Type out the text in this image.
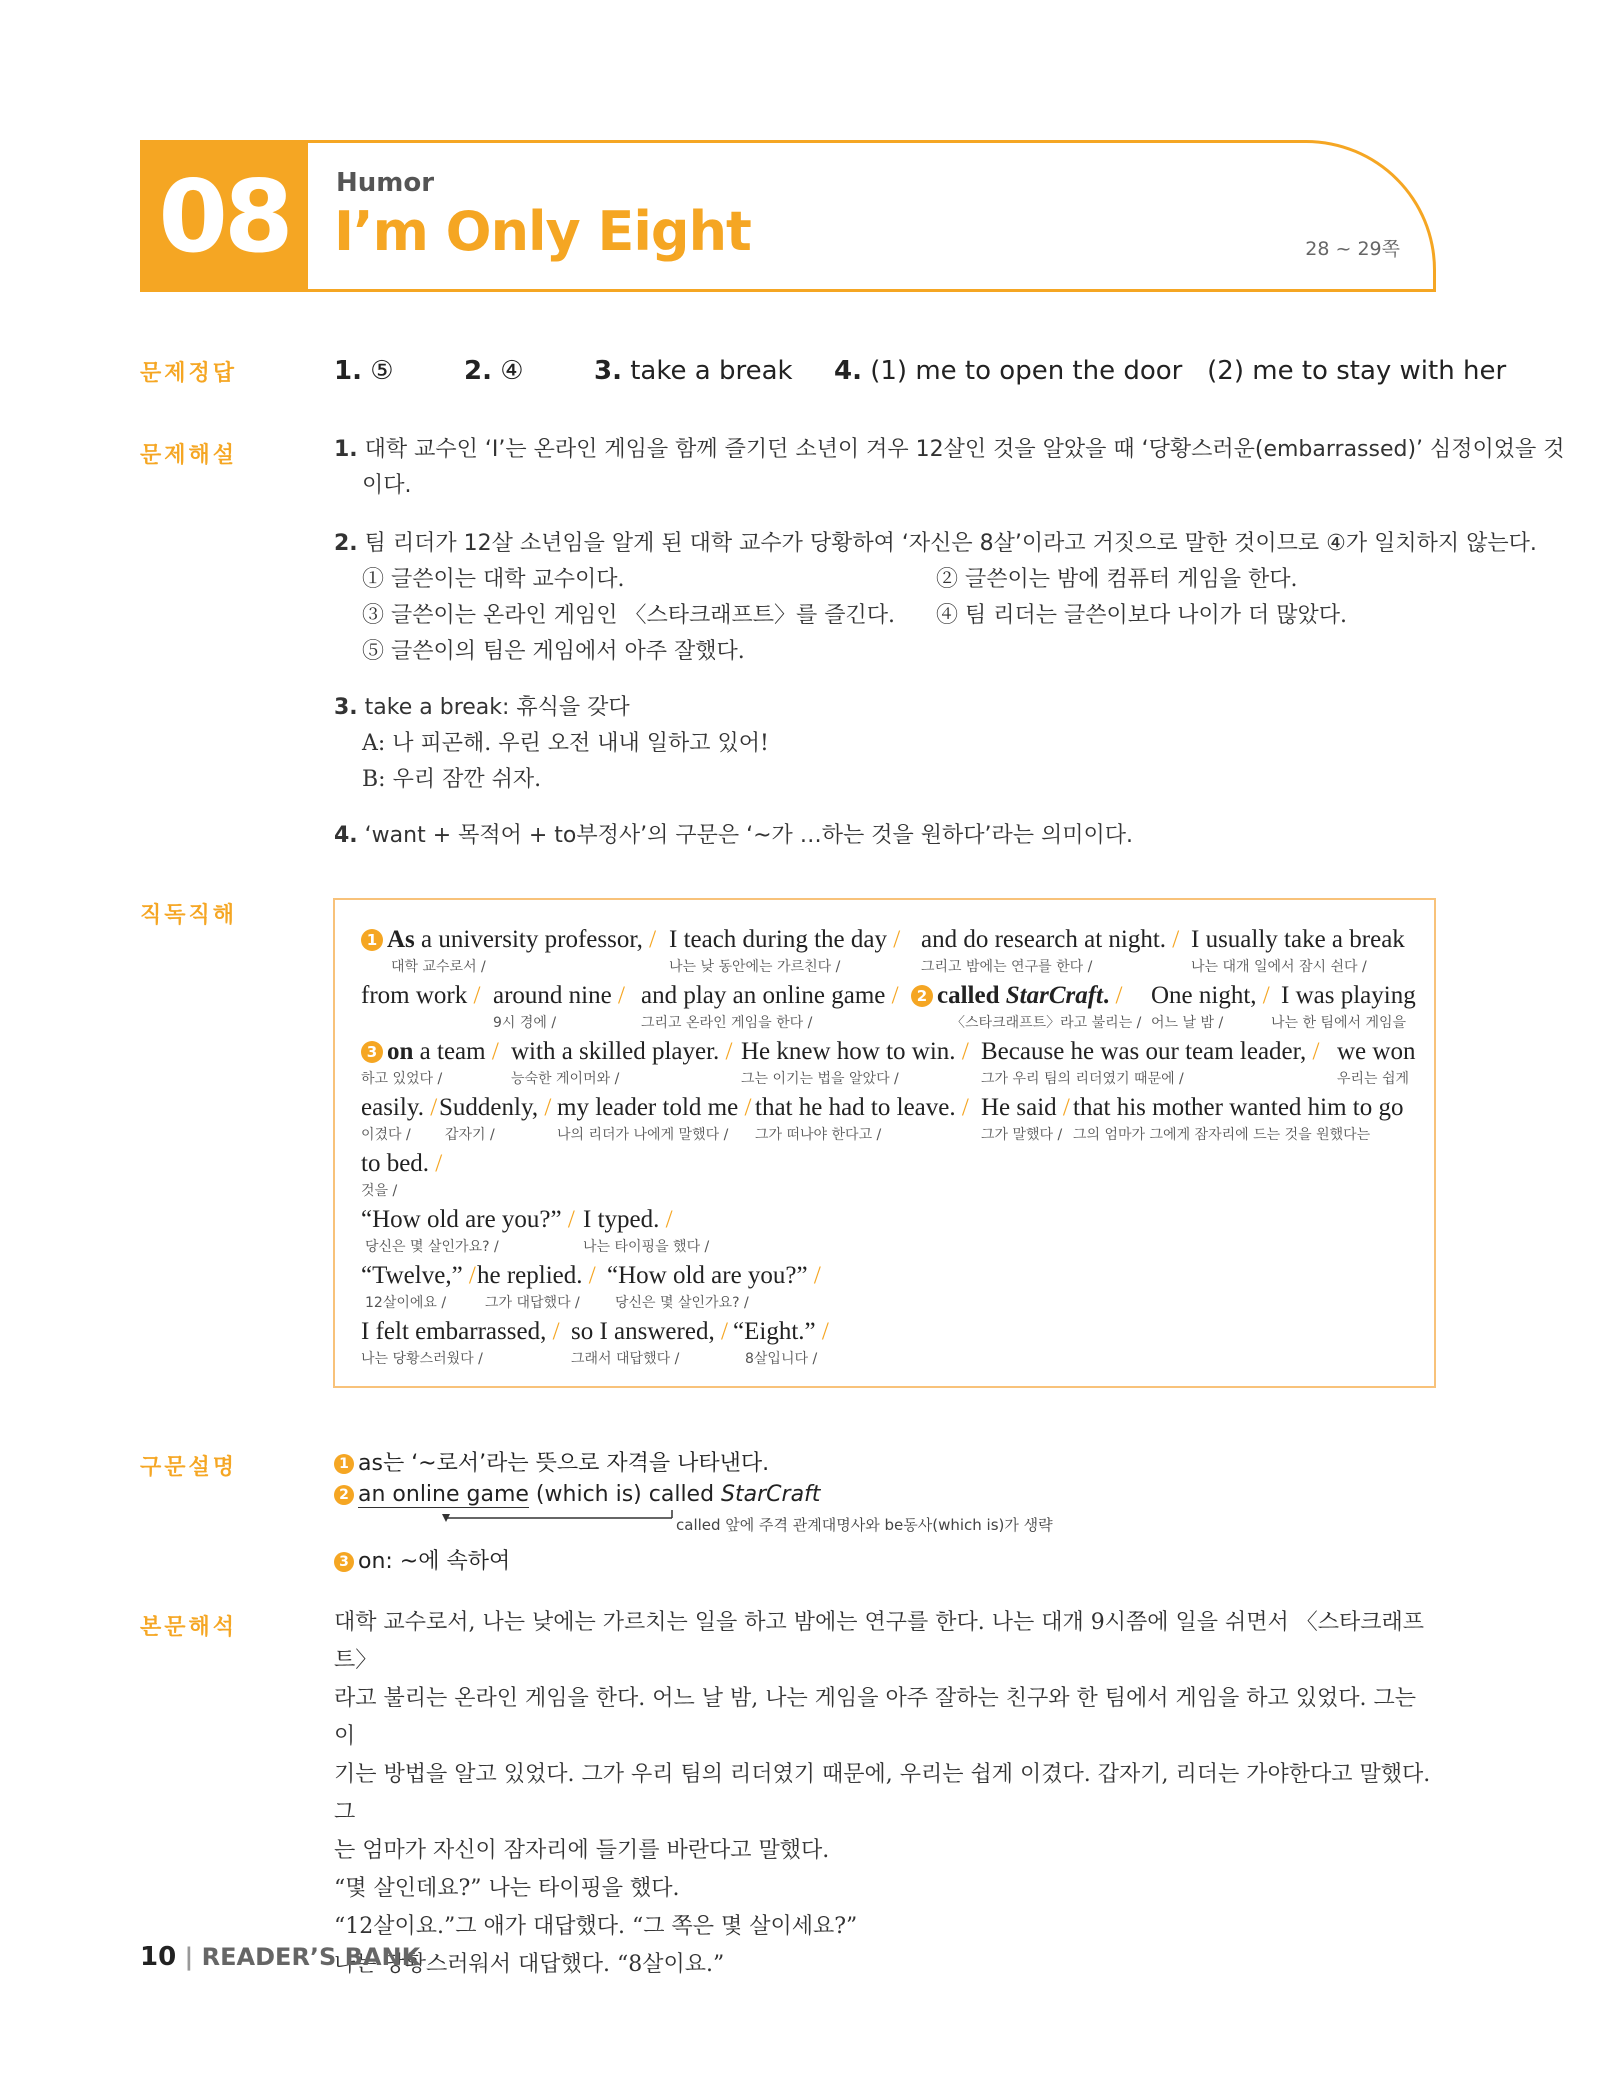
08	Humor
I’m Only Eight	28 ~ 29쪽
문제정답	1. ⑤	2. ④	3. take a break 4. (1) me to open the door   (2) me to stay with her
문제해설	1. 대학 교수인 ‘I’는 온라인 게임을 함께 즐기던 소년이 겨우 12살인 것을 알았을 때 ‘당황스러운(embarrassed)’ 심정이었을 것
이다.
2. 팀 리더가 12살 소년임을 알게 된 대학 교수가 당황하여 ‘자신은 8살’이라고 거짓으로 말한 것이므로 ④가 일치하지 않는다.
① 글쓴이는 대학 교수이다.	② 글쓴이는 밤에 컴퓨터 게임을 한다.
③ 글쓴이는 온라인 게임인 〈스타크래프트〉를 즐긴다. ④ 팀 리더는 글쓴이보다 나이가 더 많았다.
⑤ 글쓴이의 팀은 게임에서 아주 잘했다.
3. take a break: 휴식을 갖다
A: 나 피곤해. 우린 오전 내내 일하고 있어!
B: 우리 잠깐 쉬자.
4. ‘want + 목적어 + to부정사’의 구문은 ‘~가 …하는 것을 원하다’라는 의미이다.
직독직해
1 As a university professor, /
대학 교수로서 /
I teach during the day /
나는 낮 동안에는 가르친다 /
and do research at night. /
그리고 밤에는 연구를 한다 /
I usually take a break
나는 대개 일에서 잠시 쉰다 /
from work / around nine /
9시 경에 /
and play an online game /
그리고 온라인 게임을 한다 /
2 called StarCraft. /
〈스타크래프트〉라고 불리는 /
One night, /
어느 날 밤 /
I was playing
나는 한 팀에서 게임을
3 on a team /
하고 있었다 /
with a skilled player. /
능숙한 게이머와 /
He knew how to win. /
그는 이기는 법을 알았다 /
Because he was our team leader, /
그가 우리 팀의 리더였기 때문에 /
we won
우리는 쉽게
easily. /
이겼다 /
Suddenly, /
갑자기 /
my leader told me /
나의 리더가 나에게 말했다 /
that he had to leave. /
그가 떠나야 한다고 /
He said /
그가 말했다 /
that his mother wanted him to go
그의 엄마가 그에게 잠자리에 드는 것을 원했다는
to bed. /
것을 /
“How old are you?” /
당신은 몇 살인가요? /
I typed. /
나는 타이핑을 했다 /
“Twelve,” /
12살이에요 /
he replied. /
그가 대답했다 /
“How old are you?” /
당신은 몇 살인가요? /
I felt embarrassed, /
나는 당황스러웠다 /
so I answered, /
그래서 대답했다 /
“Eight.” /
8살입니다 /
구문설명	1 as는 ‘~로서’라는 뜻으로 자격을 나타낸다.
2 an online game (which is) called StarCraft
called 앞에 주격 관계대명사와 be동사(which is)가 생략
3 on: ~에 속하여
본문해석	대학 교수로서, 나는 낮에는 가르치는 일을 하고 밤에는 연구를 한다. 나는 대개 9시쯤에 일을 쉬면서 〈스타크래프트〉
라고 불리는 온라인 게임을 한다. 어느 날 밤, 나는 게임을 아주 잘하는 친구와 한 팀에서 게임을 하고 있었다. 그는 이
기는 방법을 알고 있었다. 그가 우리 팀의 리더였기 때문에, 우리는 쉽게 이겼다. 갑자기, 리더는 가야한다고 말했다. 그
는 엄마가 자신이 잠자리에 들기를 바란다고 말했다.
“몇 살인데요?” 나는 타이핑을 했다.
“12살이요.”그 애가 대답했다. “그 쪽은 몇 살이세요?”
나는 당황스러워서 대답했다. “8살이요.”
10 | READER’S BANK
